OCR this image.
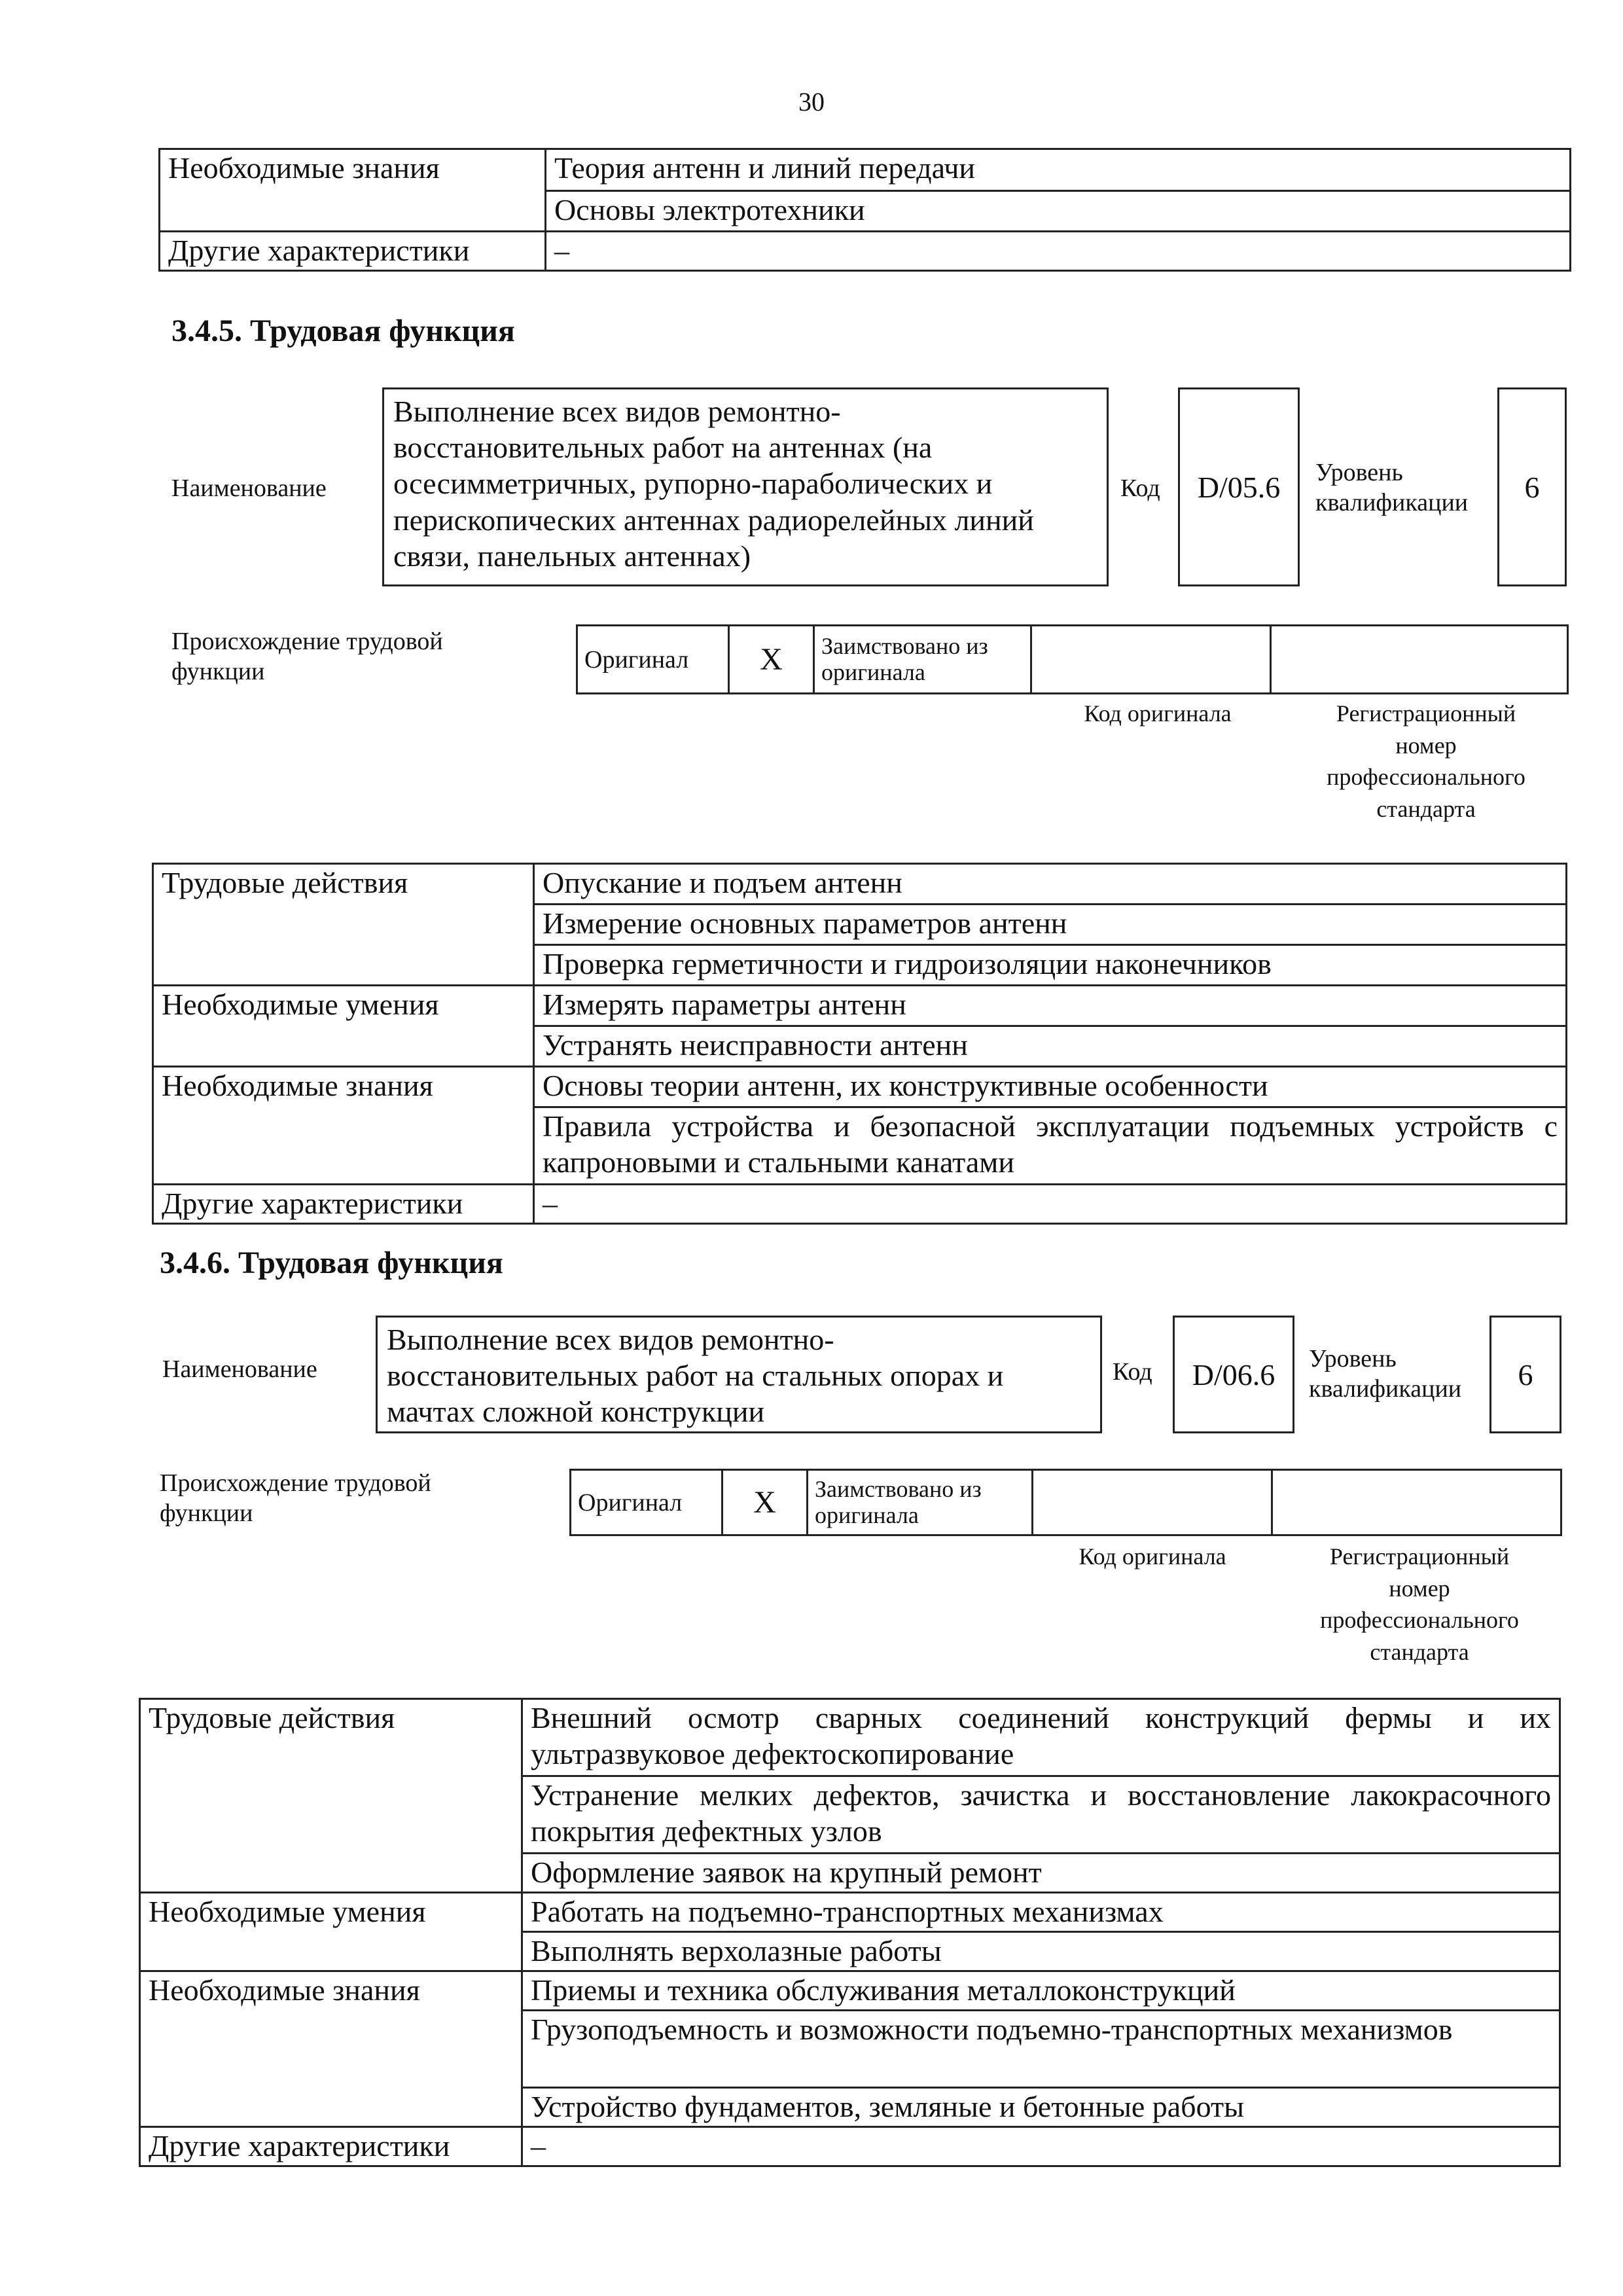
30
Необходимые знания	Теория антенн и линий передачи
	Основы электротехники
Другие характеристики	–
3.4.5. Трудовая функция
Наименование
Выполнение всех видов ремонтно-
восстановительных работ на антеннах (на
осесимметричных, рупорно-параболических и
перископических антеннах радиорелейных линий
связи, панельных антеннах)
Код	D/05.6	Уровень
квалификации	6
Происхождение трудовой
функции	Оригинал	X	Заимствовано из
оригинала

Код оригинала	Регистрационный
номер
профессионального
стандарта
Трудовые действия	Опускание и подъем антенн
	Измерение основных параметров антенн
	Проверка герметичности и гидроизоляции наконечников
Необходимые умения	Измерять параметры антенн
	Устранять неисправности антенн
Необходимые знания	Основы теории антенн, их конструктивные особенности
	Правила устройства и безопасной эксплуатации подъемных устройств с капроновыми и стальными канатами
Другие характеристики	–
3.4.6. Трудовая функция
Наименование
Выполнение всех видов ремонтно-
восстановительных работ на стальных опорах и
мачтах сложной конструкции
Код	D/06.6	Уровень
квалификации	6
Происхождение трудовой
функции	Оригинал	X	Заимствовано из
оригинала

Код оригинала	Регистрационный
номер
профессионального
стандарта
Трудовые действия	Внешний осмотр сварных соединений конструкций фермы и их ультразвуковое дефектоскопирование
	Устранение мелких дефектов, зачистка и восстановление лакокрасочного покрытия дефектных узлов
	Оформление заявок на крупный ремонт
Необходимые умения	Работать на подъемно-транспортных механизмах
	Выполнять верхолазные работы
Необходимые знания	Приемы и техника обслуживания металлоконструкций
	Грузоподъемность и возможности подъемно-транспортных механизмов
	Устройство фундаментов, земляные и бетонные работы
Другие характеристики	–
